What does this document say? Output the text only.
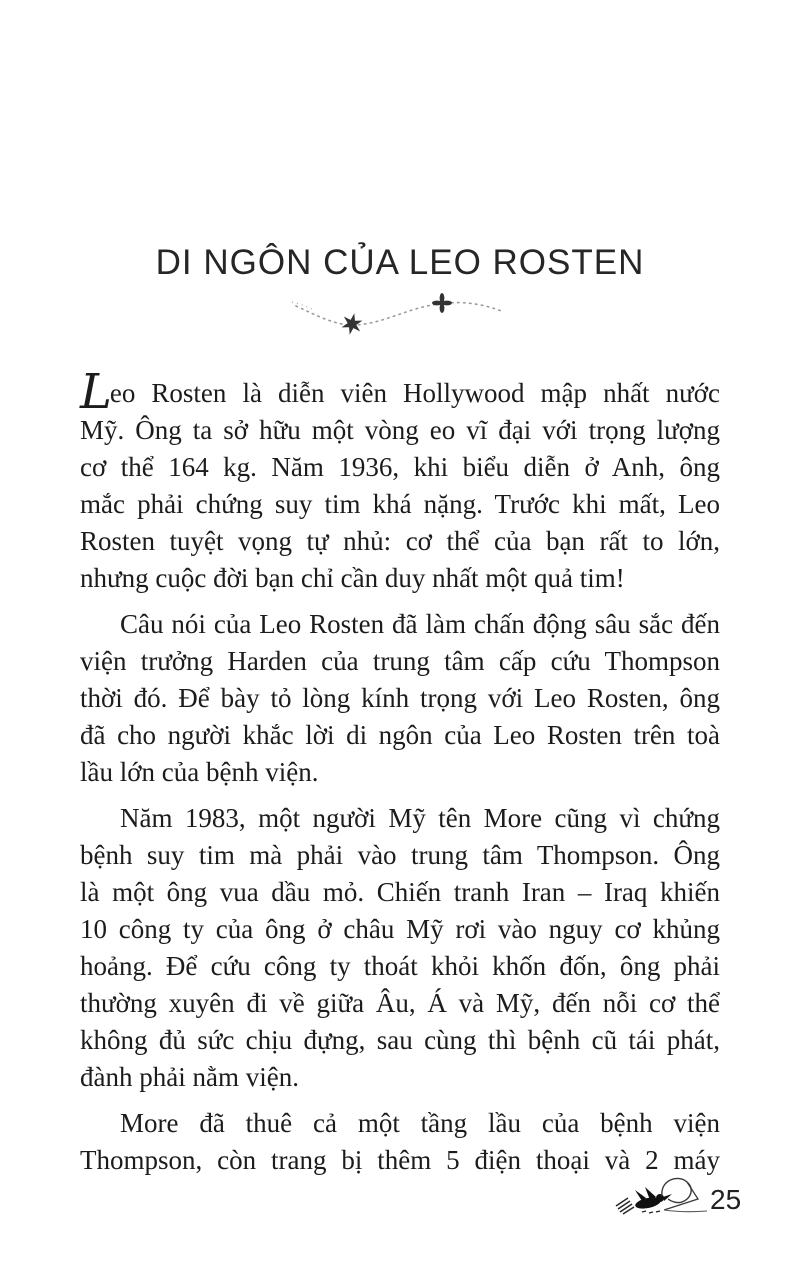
DI NGÔN CỦA LEO ROSTEN
Leo Rosten là diễn viên Hollywood mập nhất nước
Mỹ. Ông ta sở hữu một vòng eo vĩ đại với trọng lượng
cơ thể 164 kg. Năm 1936, khi biểu diễn ở Anh, ông
mắc phải chứng suy tim khá nặng. Trước khi mất, Leo
Rosten tuyệt vọng tự nhủ: cơ thể của bạn rất to lớn,
nhưng cuộc đời bạn chỉ cần duy nhất một quả tim!
Câu nói của Leo Rosten đã làm chấn động sâu sắc đến
viện trưởng Harden của trung tâm cấp cứu Thompson
thời đó. Để bày tỏ lòng kính trọng với Leo Rosten, ông
đã cho người khắc lời di ngôn của Leo Rosten trên toà
lầu lớn của bệnh viện.
Năm 1983, một người Mỹ tên More cũng vì chứng
bệnh suy tim mà phải vào trung tâm Thompson. Ông
là một ông vua dầu mỏ. Chiến tranh Iran – Iraq khiến
10 công ty của ông ở châu Mỹ rơi vào nguy cơ khủng
hoảng. Để cứu công ty thoát khỏi khốn đốn, ông phải
thường xuyên đi về giữa Âu, Á và Mỹ, đến nỗi cơ thể
không đủ sức chịu đựng, sau cùng thì bệnh cũ tái phát,
đành phải nằm viện.
More đã thuê cả một tầng lầu của bệnh viện
Thompson, còn trang bị thêm 5 điện thoại và 2 máy
25
